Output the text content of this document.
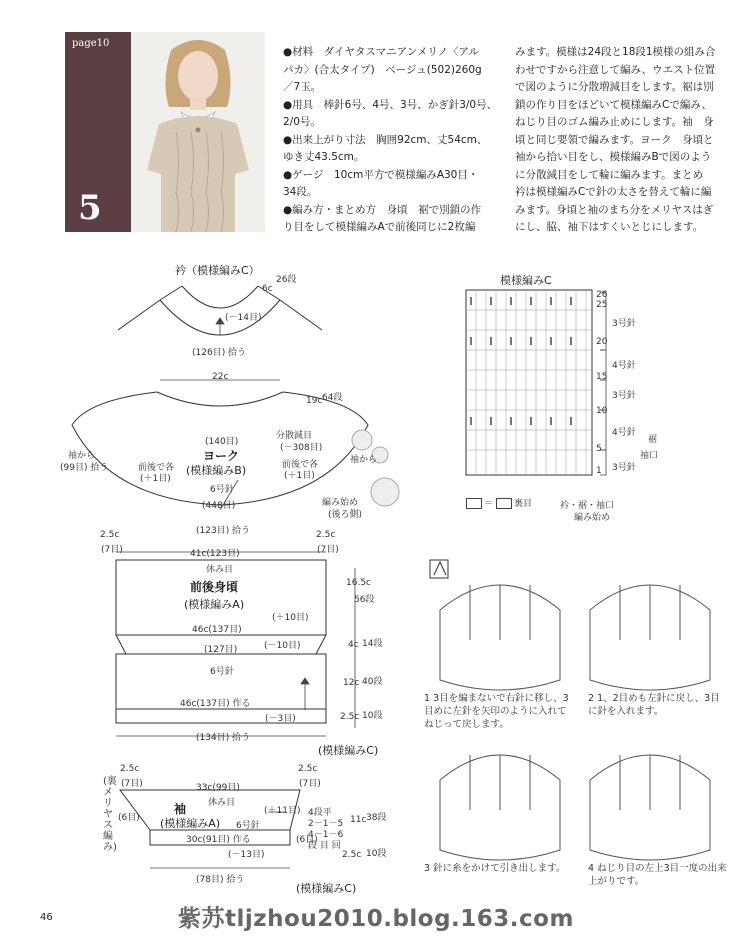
page10
5
●材料　ダイヤタスマニアンメリノ〈アル
パカ〉(合太タイプ)　ベージュ(502)260g
／7玉。
●用具　棒針6号、4号、3号、かぎ針3/0号、
2/0号。
●出来上がり寸法　胸囲92cm、丈54cm、
ゆき丈43.5cm。
●ゲージ　10cm平方で模様編みA30目・
34段。
●編み方・まとめ方　身頃　裾で別鎖の作
り目をして模様編みAで前後同じに2枚編
みます。模様は24段と18段1模様の組み合
わせですから注意して編み、ウエスト位置
で図のように分散増減目をします。裾は別
鎖の作り目をほどいて模様編みCで編み、
ねじり目のゴム編み止めにします。袖　身
頃と同じ要領で編みます。ヨーク　身頃と
袖から拾い目をし、模様編みBで図のよう
に分散減目をして輪に編みます。まとめ
衿は模様編みCで針の太さを替えて輪に編
みます。身頃と袖のまち分をメリヤスはぎ
にし、脇、袖下はすくいとじにします。
衿（模様編みC）
26段
6c
(－14目)
(126目) 拾う
22c
19c 64段
(140目)
ヨーク
(模様編みB)
分散減目
(－308目)
前後で各
(＋1目)
前後で各
(＋1目)
袖から
(99目) 拾う
袖から
6号針
(448目)	編み始め
(後ろ側)
(123目) 拾う
2.5c
(7目)
2.5c
(7目)
41c(123目)
休み目
前後身頃
(模様編みA)
(＋10目)
46c(137目)
(127目)	(－10目)
6号針
46c(137目) 作る
(－3目)
(134目) 拾う
(模様編みC)
16.5c
56段
4c 14段
12c 40段
2.5c 10段
(裏メリヤス編み)
2.5c
(7目)
2.5c
(7目)
(6目)
33c(99目)
休み目
袖
(模様編みA) 6号針
(＋11目)
30c(91目) 作る
(－13目)
(6目)
4段平
2－1－5
4－1－6
段 目 回
11c 38段
2.5c 10段
(78目) 拾う
(模様編みC)
模様編みC
26
25
20
15
10
5
1
3号針
4号針
3号針
4号針
3号針
裾
袖口
＝ 裏目	衿・裾・袖口
編み始め
1 3目を編まないで右針に移し、3目めに左針を矢印のように入れてねじって戻します。
2 1、2目めも左針に戻し、3目に針を入れます。
3 針に糸をかけて引き出します。	4 ねじり目の左上3目一度の出来上がりです。
46	紫苏tljzhou2010.blog.163.com
